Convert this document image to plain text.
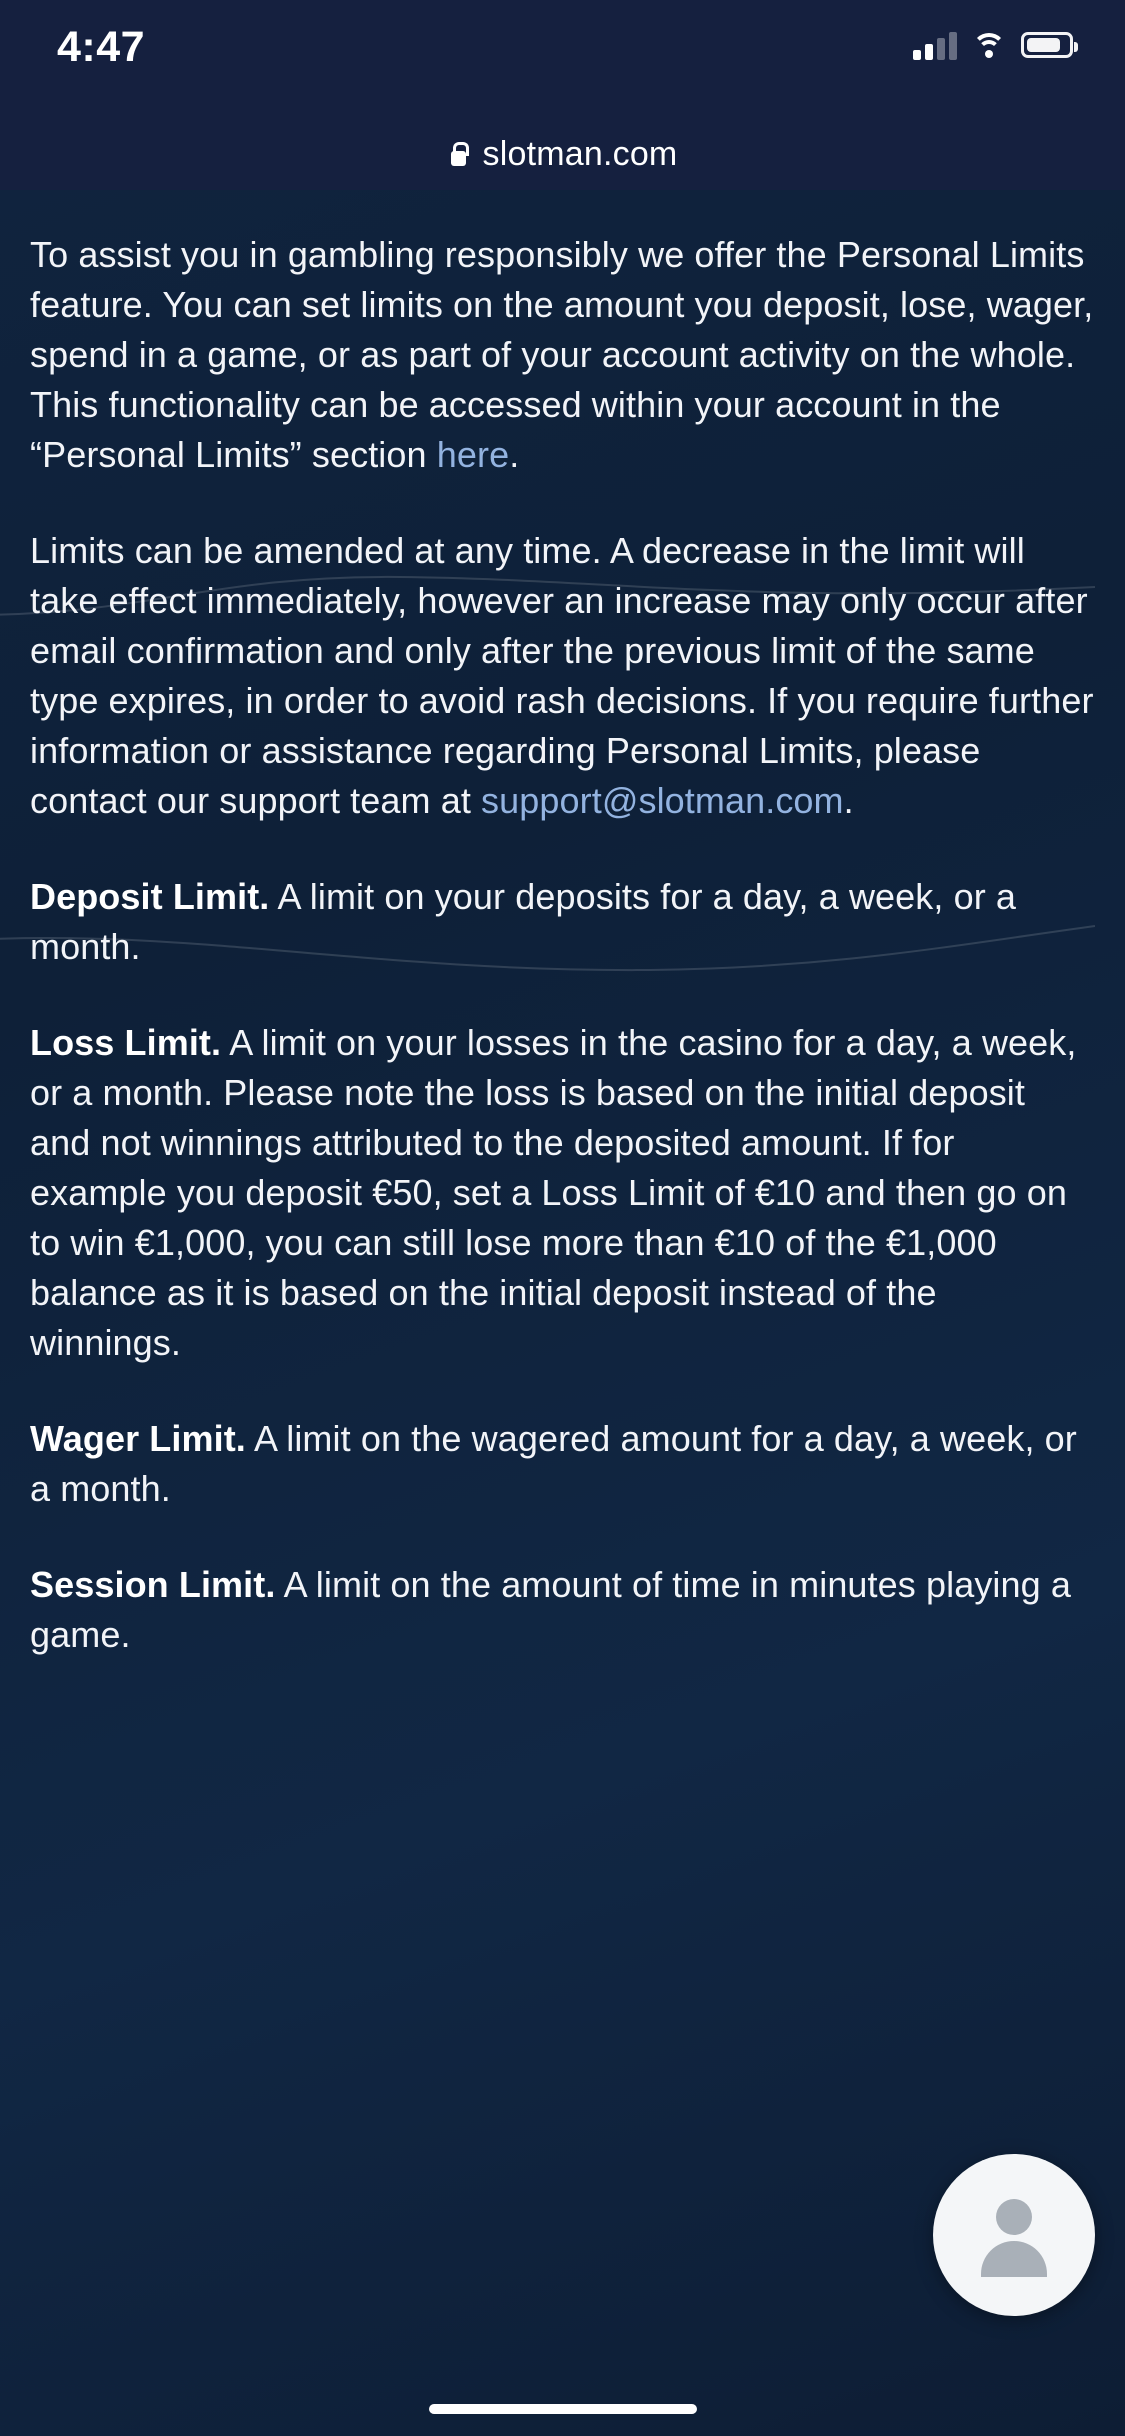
4:47
slotman.com

To assist you in gambling responsibly we offer the Personal Limits feature. You can set limits on the amount you deposit, lose, wager, spend in a game, or as part of your account activity on the whole. This functionality can be accessed within your account in the “Personal Limits” section here.

Limits can be amended at any time. A decrease in the limit will take effect immediately, however an increase may only occur after email confirmation and only after the previous limit of the same type expires, in order to avoid rash decisions. If you require further information or assistance regarding Personal Limits, please contact our support team at support@slotman.com.

Deposit Limit. A limit on your deposits for a day, a week, or a month.

Loss Limit. A limit on your losses in the casino for a day, a week, or a month. Please note the loss is based on the initial deposit and not winnings attributed to the deposited amount. If for example you deposit €50, set a Loss Limit of €10 and then go on to win €1,000, you can still lose more than €10 of the €1,000 balance as it is based on the initial deposit instead of the winnings.

Wager Limit. A limit on the wagered amount for a day, a week, or a month.

Session Limit. A limit on the amount of time in minutes playing a game.
